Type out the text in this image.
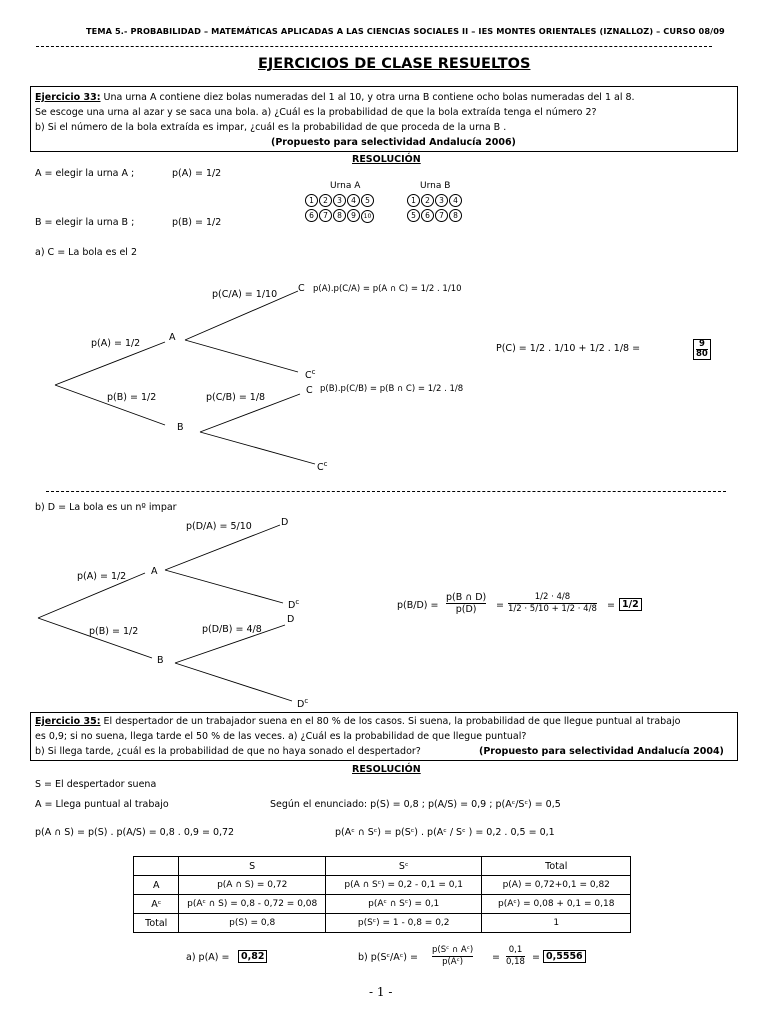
TEMA 5.- PROBABILIDAD – MATEMÁTICAS APLICADAS A LAS CIENCIAS SOCIALES II – IES MONTES ORIENTALES (IZNALLOZ) – CURSO 08/09
EJERCICIOS DE CLASE RESUELTOS
Ejercicio 33: Una urna A contiene diez bolas numeradas del 1 al 10, y otra urna B contiene ocho bolas numeradas del 1 al 8.
Se escoge una urna al azar y se saca una bola. a) ¿Cuál es la probabilidad de que la bola extraída tenga el número 2?
b) Si el número de la bola extraída es impar, ¿cuál es la probabilidad de que proceda de la urna B .
(Propuesto para selectividad Andalucía 2006)
RESOLUCIÓN
A = elegir la urna A ;	p(A) = 1/2
B = elegir la urna B ;	p(B) = 1/2
Urna A	Urna B
1 2 3 4 5
6 7 8 9 10
1 2 3 4
5 6 7 8
a) C = La bola es el 2
p(A) = 1/2
A
p(C/A) = 1/10
C p(A).p(C/A) = p(A ∩ C) = 1/2 . 1/10
$C^c$
p(B) = 1/2
B
p(C/B) = 1/8
C p(B).p(C/B) = p(B ∩ C) = 1/2 . 1/8
$C^c$
P(C) = 1/2 . 1/10 + 1/2 . 1/8 =	9
80
b) D = La bola es un nº impar
p(A) = 1/2	A
p(D/A) = 5/10	D
$D^c$
p(B) = 1/2
B
p(D/B) = 4/8
D
$D^c$
$p(B/D) = \frac{p(B \cap D)}{p(D)} = \frac{1/2 \cdot 4/8}{1/2 \cdot 5/10 + 1/2 \cdot 4/8} = 1/2$
Ejercicio 35: El despertador de un trabajador suena en el 80 % de los casos. Si suena, la probabilidad de que llegue puntual al trabajo
es 0,9; si no suena, llega tarde el 50 % de las veces. a) ¿Cuál es la probabilidad de que llegue puntual?
b) Si llega tarde, ¿cuál es la probabilidad de que no haya sonado el despertador?	(Propuesto para selectividad Andalucía 2004)
RESOLUCIÓN
S = El despertador suena
A = Llega puntual al trabajo	Según el enunciado: p(S) = 0,8 ; p(A/S) = 0,9 ; p(Aᶜ/Sᶜ) = 0,5
p(A ∩ S) = p(S) . p(A/S) = 0,8 . 0,9 = 0,72	p(Aᶜ ∩ Sᶜ) = p(Sᶜ) . p(Aᶜ / Sᶜ ) = 0,2 . 0,5 = 0,1
	S	Sᶜ	Total
A	p(A ∩ S) = 0,72	p(A ∩ Sᶜ) = 0,2 - 0,1 = 0,1	p(A) = 0,72+0,1 = 0,82
Aᶜ	p(Aᶜ ∩ S) = 0,8 - 0,72 = 0,08	p(Aᶜ ∩ Sᶜ) = 0,1	p(Aᶜ) = 0,08 + 0,1 = 0,18
Total	p(S) = 0,8	p(Sᶜ) = 1 - 0,8 = 0,2	1
a) p(A) =	0,82	b) p(Sᶜ/Aᶜ) = $\frac{\text{p(Sᶜ ∩ Aᶜ)}}{\text{p(Aᶜ)}} = \frac{0,1}{0,18} = 0,5556$
- 1 -
